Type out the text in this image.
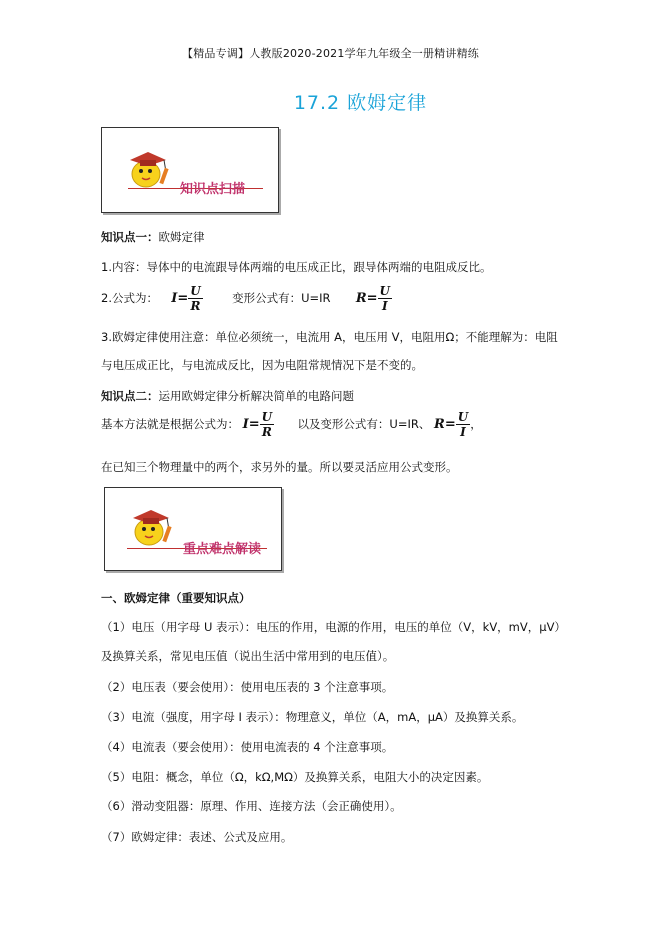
【精品专调】人教版2020-2021学年九年级全一册精讲精练
17.2 欧姆定律
知识点扫描
知识点一：欧姆定律
1.内容：导体中的电流跟导体两端的电压成正比，跟导体两端的电阻成反比。
2.公式为： $I= \frac{U}{R}$	变形公式有：U=IR $R= \frac{U}{I}$
3.欧姆定律使用注意：单位必须统一，电流用 A，电压用 V，电阻用Ω；不能理解为：电阻
与电压成正比，与电流成反比，因为电阻常规情况下是不变的。
知识点二：运用欧姆定律分析解决简单的电路问题
基本方法就是根据公式为： $I= \frac{U}{R}$ 以及变形公式有：U=IR、 $R= \frac{U}{I}$ ，
在已知三个物理量中的两个，求另外的量。所以要灵活应用公式变形。
重点难点解读
一、欧姆定律（重要知识点）
（1）电压（用字母 U 表示）：电压的作用，电源的作用，电压的单位（V，kV，mV，μV）
及换算关系，常见电压值（说出生活中常用到的电压值）。
（2）电压表（要会使用）：使用电压表的 3 个注意事项。
（3）电流（强度，用字母 I 表示）：物理意义，单位（A，mA，μA）及换算关系。
（4）电流表（要会使用）：使用电流表的 4 个注意事项。
（5）电阻：概念，单位（Ω，kΩ,MΩ）及换算关系，电阻大小的决定因素。
（6）滑动变阻器：原理、作用、连接方法（会正确使用）。
（7）欧姆定律：表述、公式及应用。
